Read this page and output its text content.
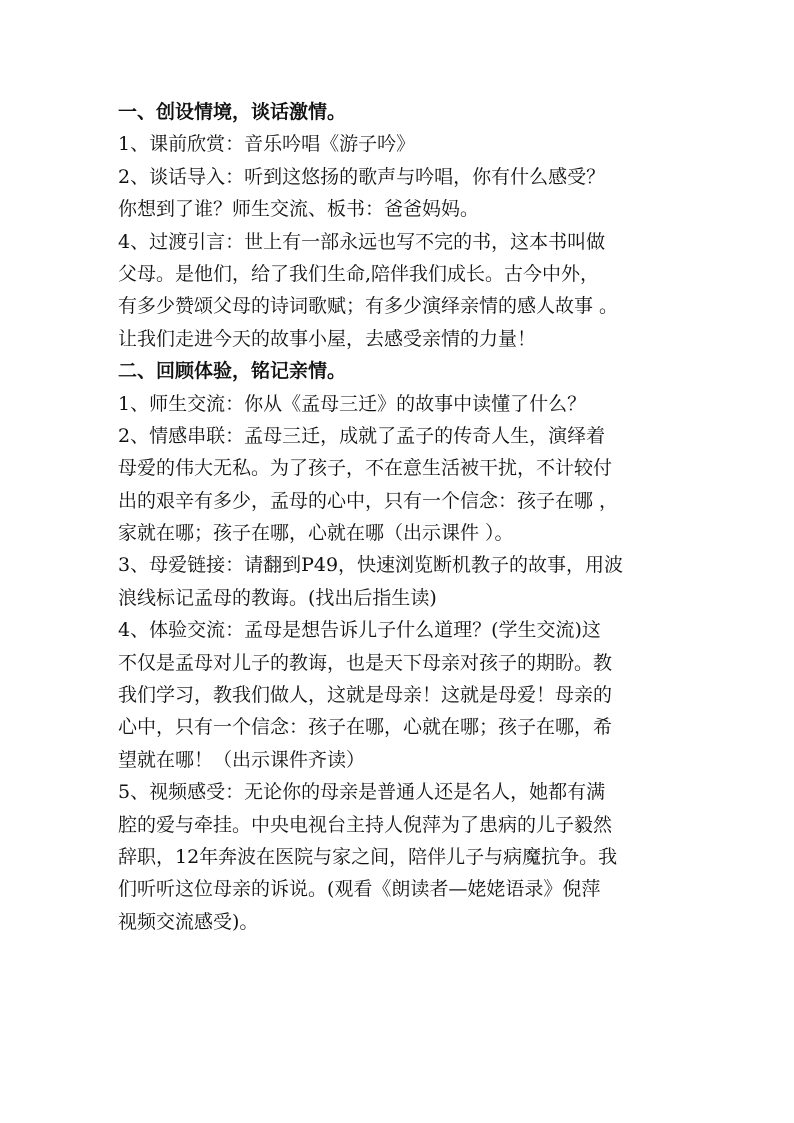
一、创设情境，谈话激情。
1、课前欣赏：音乐吟唱《游子吟》
2、谈话导入：听到这悠扬的歌声与吟唱，你有什么感受？
你想到了谁？师生交流、板书：爸爸妈妈。
4、过渡引言：世上有一部永远也写不完的书，这本书叫做
父母。是他们，给了我们生命,陪伴我们成长。古今中外，
有多少赞颂父母的诗词歌赋；有多少演绎亲情的感人故事 。
让我们走进今天的故事小屋，去感受亲情的力量！
二、回顾体验，铭记亲情。
1、师生交流：你从《孟母三迁》的故事中读懂了什么？
2、情感串联：孟母三迁，成就了孟子的传奇人生，演绎着
母爱的伟大无私。为了孩子，不在意生活被干扰，不计较付
出的艰辛有多少，孟母的心中，只有一个信念：孩子在哪 ，
家就在哪；孩子在哪，心就在哪（出示课件 ）。
3、母爱链接：请翻到P49，快速浏览断机教子的故事，用波
浪线标记孟母的教诲。(找出后指生读)
4、体验交流：孟母是想告诉儿子什么道理？(学生交流)这
不仅是孟母对儿子的教诲，也是天下母亲对孩子的期盼。教
我们学习，教我们做人，这就是母亲！这就是母爱！母亲的
心中，只有一个信念：孩子在哪，心就在哪；孩子在哪，希
望就在哪！（出示课件齐读）
5、视频感受：无论你的母亲是普通人还是名人，她都有满
腔的爱与牵挂。中央电视台主持人倪萍为了患病的儿子毅然
辞职，12年奔波在医院与家之间，陪伴儿子与病魔抗争。我
们听听这位母亲的诉说。(观看《朗读者—姥姥语录》倪萍
视频交流感受)。
